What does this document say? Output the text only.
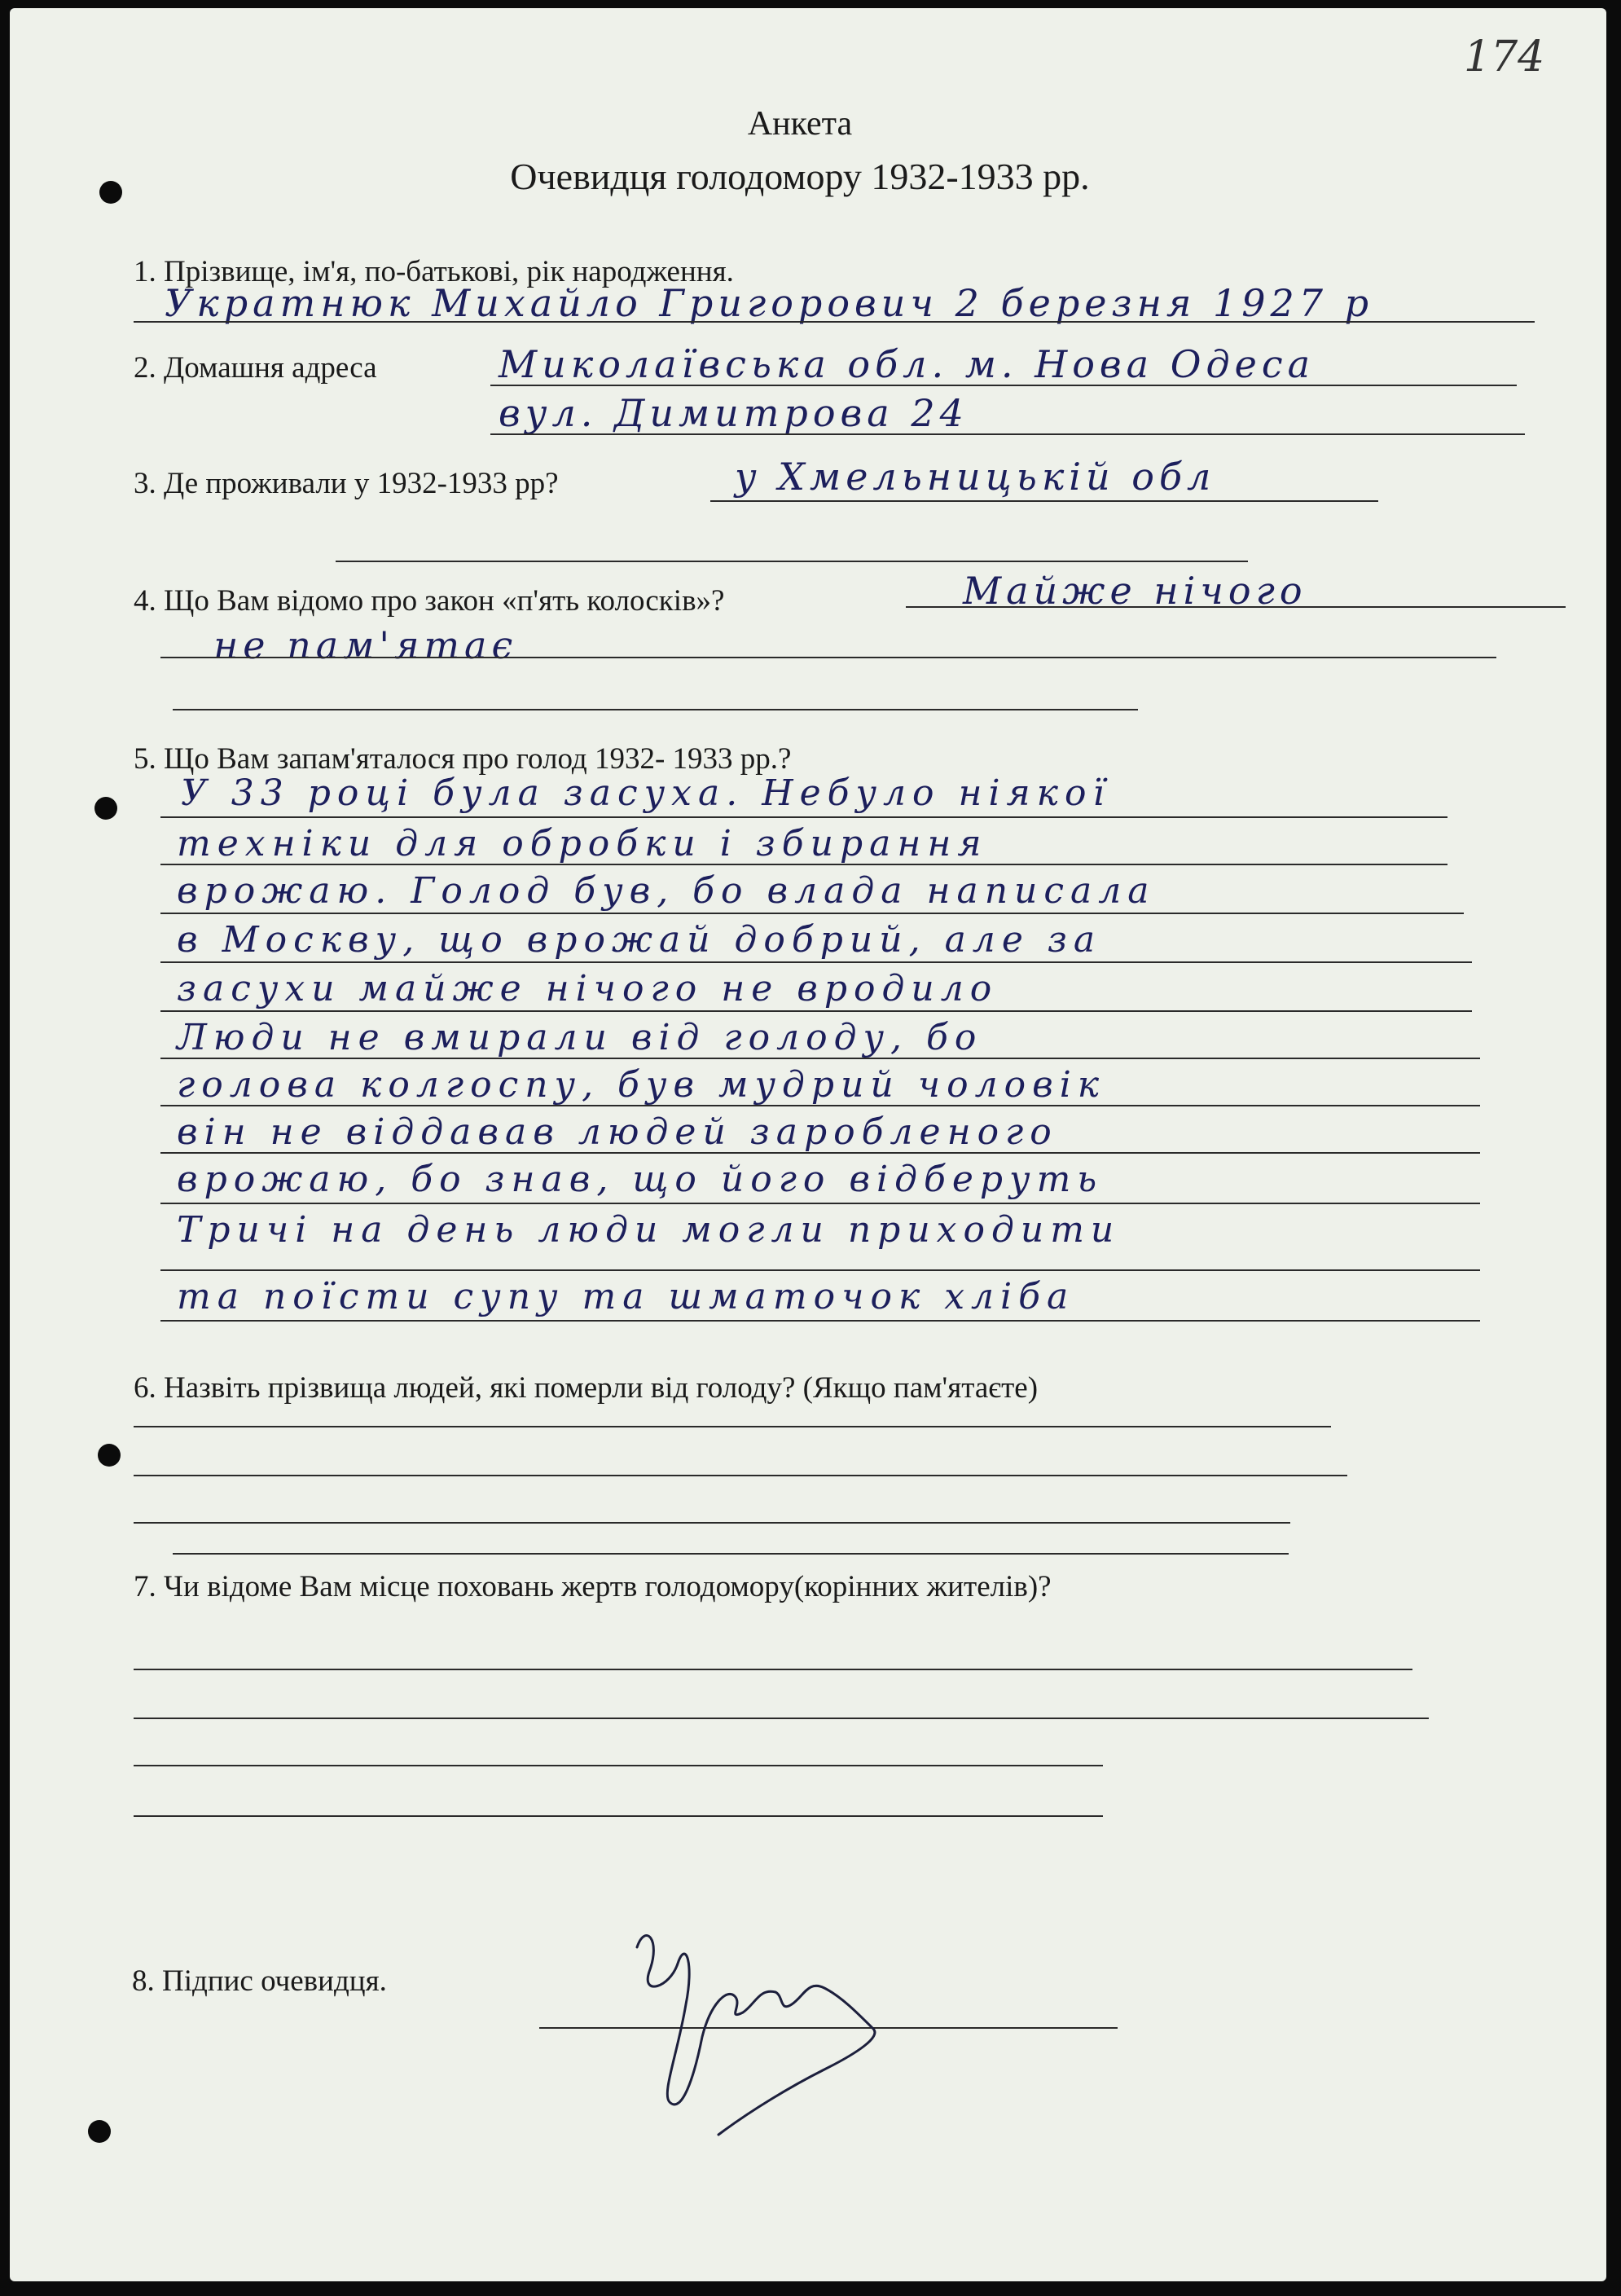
174
Анкета
Очевидця голодомору 1932-1933 рр.
1. Прізвище, ім'я, по-батькові, рік народження.
Укратнюк Михайло Григорович 2 березня 1927 р
2. Домашня адреса	Миколаївська обл. м. Нова Одеса
вул. Димитрова 24
3. Де проживали у 1932-1933 рр?	у Хмельницькій обл
4. Що Вам відомо про закон «п'ять колосків»?	Майже нічого
не пам'ятає
5. Що Вам запам'яталося про голод 1932- 1933 рр.?
У 33 році була засуха. Небуло ніякої
техніки для обробки і збирання
врожаю. Голод був, бо влада написала
в Москву, що врожай добрий, але за
засухи майже нічого не вродило
Люди не вмирали від голоду, бо
голова колгоспу, був мудрий чоловік
він не віддавав людей заробленого
врожаю, бо знав, що його відберуть
Тричі на день люди могли приходити
та поїсти супу та шматочок хліба
6. Назвіть прізвища людей, які померли від голоду? (Якщо пам'ятаєте)
7. Чи відоме Вам місце поховань жертв голодомору(корінних жителів)?
8. Підпис очевидця.
